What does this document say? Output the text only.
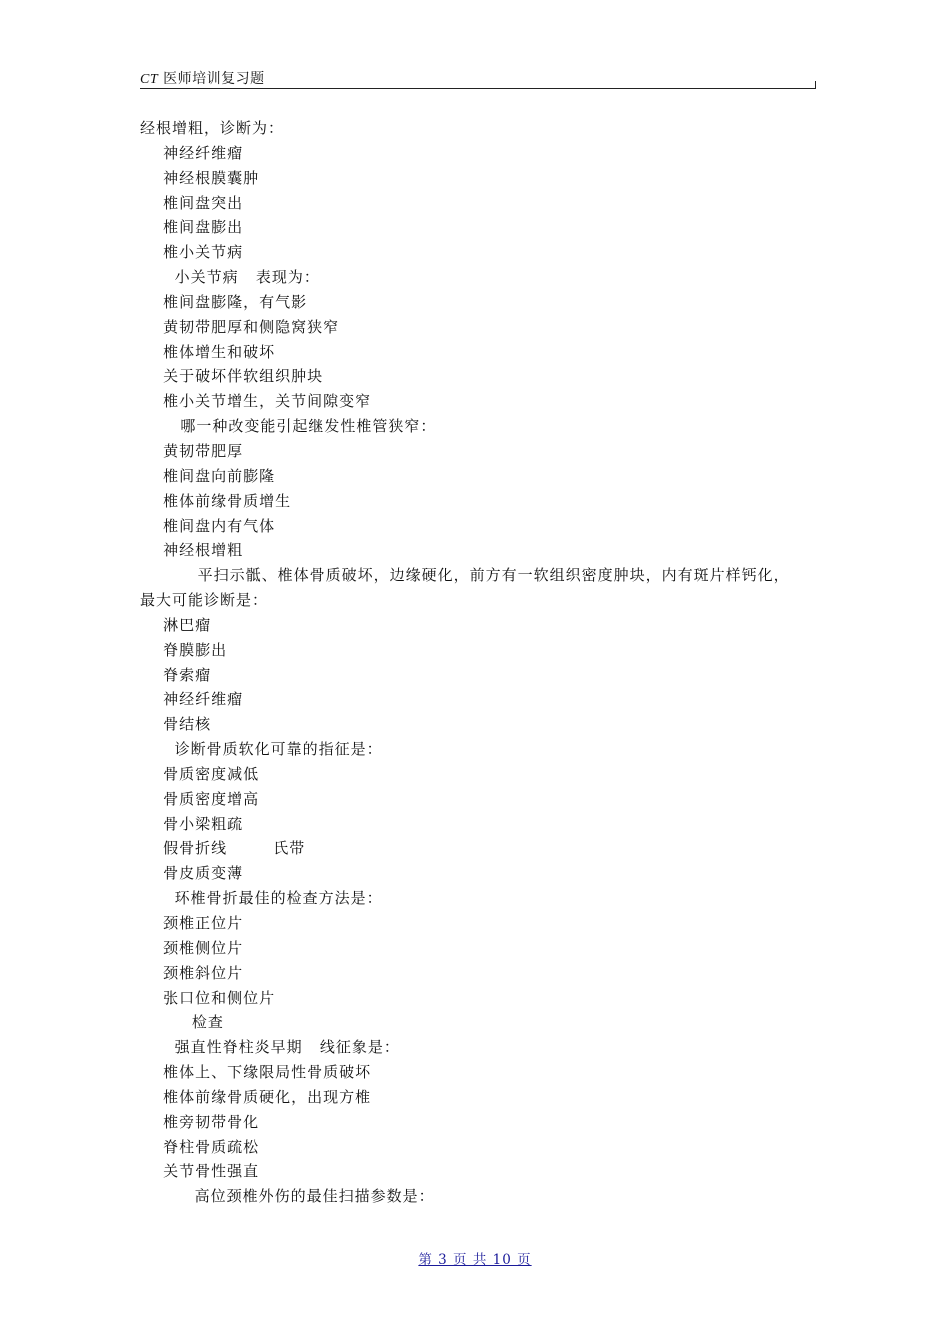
CT 医师培训复习题
经根增粗，诊断为：
神经纤维瘤
神经根膜囊肿
椎间盘突出
椎间盘膨出
椎小关节病
小关节病   表现为：
椎间盘膨隆，有气影
黄韧带肥厚和侧隐窝狭窄
椎体增生和破坏
关于破坏伴软组织肿块
椎小关节增生，关节间隙变窄
哪一种改变能引起继发性椎管狭窄：
黄韧带肥厚
椎间盘向前膨隆
椎体前缘骨质增生
椎间盘内有气体
神经根增粗
平扫示骶、椎体骨质破坏，边缘硬化，前方有一软组织密度肿块，内有斑片样钙化，
最大可能诊断是：
淋巴瘤
脊膜膨出
脊索瘤
神经纤维瘤
骨结核
诊断骨质软化可靠的指征是：
骨质密度减低
骨质密度增高
骨小梁粗疏
假骨折线        氏带
骨皮质变薄
环椎骨折最佳的检查方法是：
颈椎正位片
颈椎侧位片
颈椎斜位片
张口位和侧位片
检查
强直性脊柱炎早期   线征象是：
椎体上、下缘限局性骨质破坏
椎体前缘骨质硬化，出现方椎
椎旁韧带骨化
脊柱骨质疏松
关节骨性强直
高位颈椎外伤的最佳扫描参数是：
第 3 页 共 10 页
